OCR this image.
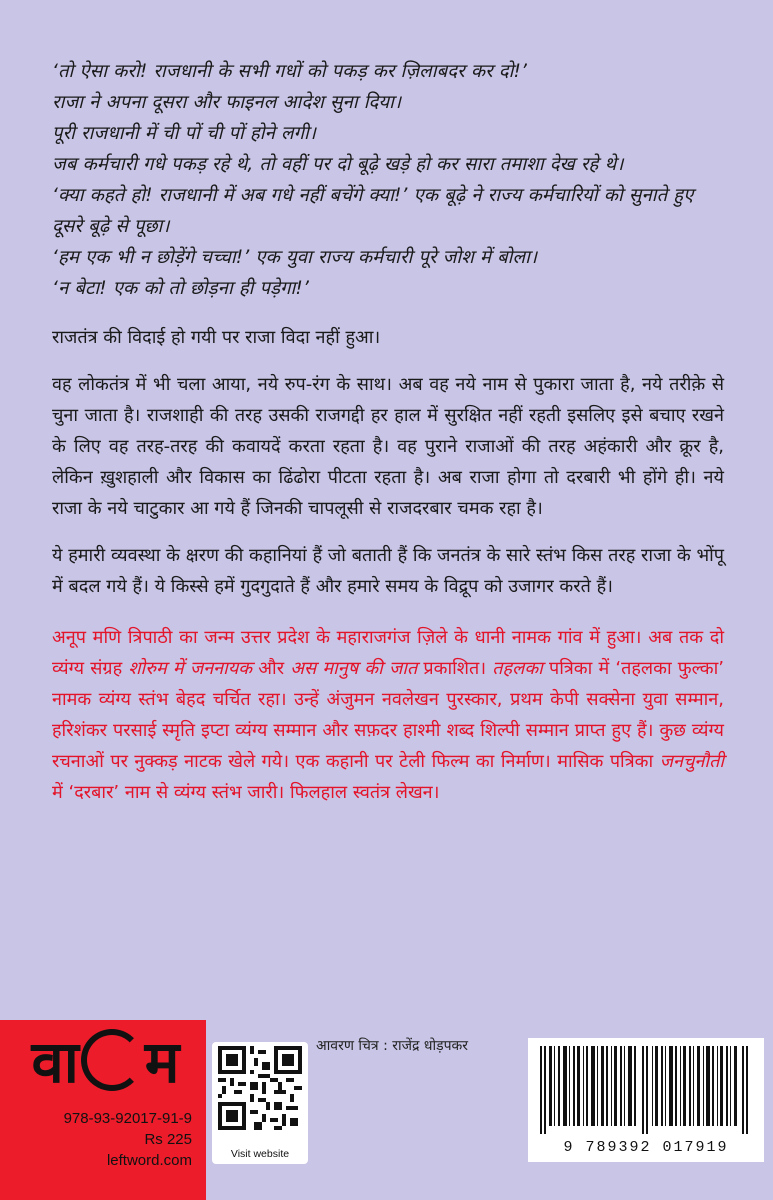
‘तो ऐसा करो! राजधानी के सभी गधों को पकड़ कर ज़िलाबदर कर दो!’

राजा ने अपना दूसरा और फाइनल आदेश सुना दिया।

पूरी राजधानी में ची पों ची पों होने लगी।

जब कर्मचारी गधे पकड़ रहे थे, तो वहीं पर दो बूढ़े खड़े हो कर सारा तमाशा देख रहे थे।

‘क्या कहते हो! राजधानी में अब गधे नहीं बचेंगे क्या!’ एक बूढ़े ने राज्य कर्मचारियों को सुनाते हुए दूसरे बूढ़े से पूछा।

‘हम एक भी न छोड़ेंगे चच्चा!’ एक युवा राज्य कर्मचारी पूरे जोश में बोला।

‘न बेटा! एक को तो छोड़ना ही पड़ेगा!’

राजतंत्र की विदाई हो गयी पर राजा विदा नहीं हुआ।

वह लोकतंत्र में भी चला आया, नये रुप-रंग के साथ। अब वह नये नाम से पुकारा जाता है, नये तरीक़े से चुना जाता है। राजशाही की तरह उसकी राजगद्दी हर हाल में सुरक्षित नहीं रहती इसलिए इसे बचाए रखने के लिए वह तरह-तरह की कवायदें करता रहता है। वह पुराने राजाओं की तरह अहंकारी और क्रूर है, लेकिन ख़ुशहाली और विकास का ढिंढोरा पीटता रहता है। अब राजा होगा तो दरबारी भी होंगे ही। नये राजा के नये चाटुकार आ गये हैं जिनकी चापलूसी से राजदरबार चमक रहा है।

ये हमारी व्यवस्था के क्षरण की कहानियां हैं जो बताती हैं कि जनतंत्र के सारे स्तंभ किस तरह राजा के भोंपू में बदल गये हैं। ये किस्से हमें गुदगुदाते हैं और हमारे समय के विद्रूप को उजागर करते हैं।

अनूप मणि त्रिपाठी का जन्म उत्तर प्रदेश के महाराजगंज ज़िले के धानी नामक गांव में हुआ। अब तक दो व्यंग्य संग्रह शोरुम में जननायक और अस मानुष की जात प्रकाशित। तहलका पत्रिका में ‘तहलका फुल्का’ नामक व्यंग्य स्तंभ बेहद चर्चित रहा। उन्हें अंजुमन नवलेखन पुरस्कार, प्रथम केपी सक्सेना युवा सम्मान, हरिशंकर परसाई स्मृति इप्टा व्यंग्य सम्मान और सफ़दर हाश्मी शब्द शिल्पी सम्मान प्राप्त हुए हैं। कुछ व्यंग्य रचनाओं पर नुक्कड़ नाटक खेले गये। एक कहानी पर टेली फिल्म का निर्माण। मासिक पत्रिका जनचुनौती में ‘दरबार’ नाम से व्यंग्य स्तंभ जारी। फिलहाल स्वतंत्र लेखन।

वा म
978-93-92017-91-9
Rs 225
leftword.com	Visit website
आवरण चित्र : राजेंद्र धोड़पकर
9 789392 017919
